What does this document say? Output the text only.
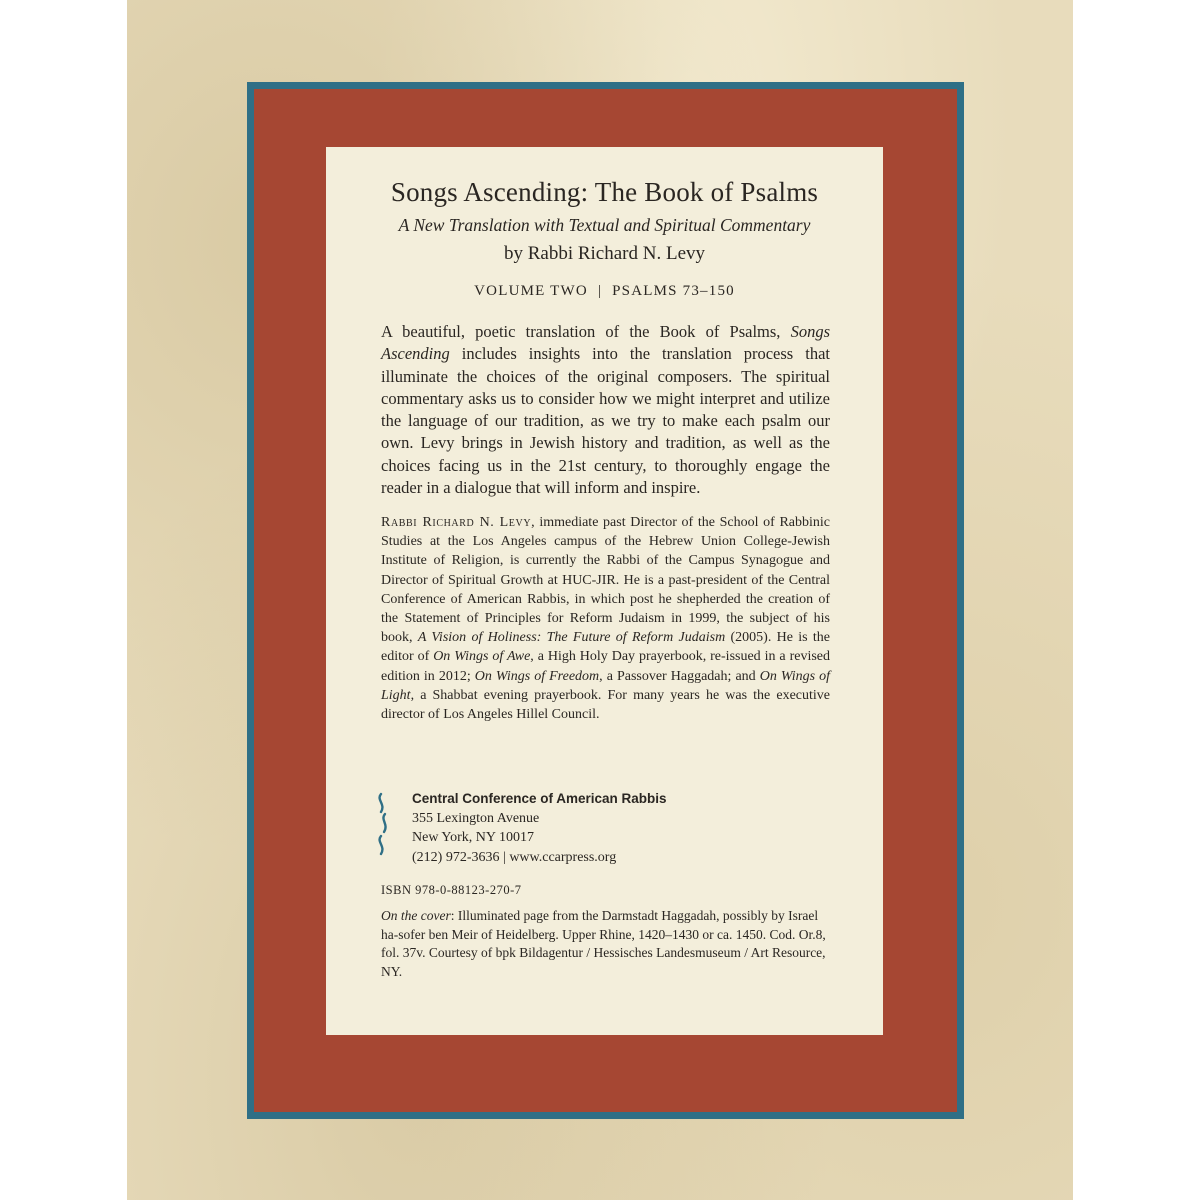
Songs Ascending: The Book of Psalms
A New Translation with Textual and Spiritual Commentary
by Rabbi Richard N. Levy
VOLUME TWO | PSALMS 73–150
A beautiful, poetic translation of the Book of Psalms, Songs Ascending includes insights into the translation process that illuminate the choices of the original composers. The spiritual commentary asks us to consider how we might interpret and utilize the language of our tradition, as we try to make each psalm our own. Levy brings in Jewish history and tradition, as well as the choices facing us in the 21st century, to thoroughly engage the reader in a dialogue that will inform and inspire.
Rabbi Richard N. Levy, immediate past Director of the School of Rabbinic Studies at the Los Angeles campus of the Hebrew Union College-Jewish Institute of Religion, is currently the Rabbi of the Campus Synagogue and Director of Spiritual Growth at HUC-JIR. He is a past-president of the Central Conference of American Rabbis, in which post he shepherded the creation of the Statement of Principles for Reform Judaism in 1999, the subject of his book, A Vision of Holiness: The Future of Reform Judaism (2005). He is the editor of On Wings of Awe, a High Holy Day prayerbook, re-issued in a revised edition in 2012; On Wings of Freedom, a Passover Haggadah; and On Wings of Light, a Shabbat evening prayerbook. For many years he was the executive director of Los Angeles Hillel Council.
Central Conference of American Rabbis
355 Lexington Avenue
New York, NY 10017
(212) 972-3636 | www.ccarpress.org
ISBN 978-0-88123-270-7
On the cover: Illuminated page from the Darmstadt Haggadah, possibly by Israel ha-sofer ben Meir of Heidelberg. Upper Rhine, 1420–1430 or ca. 1450. Cod. Or.8, fol. 37v. Courtesy of bpk Bildagentur / Hessisches Landesmuseum / Art Resource, NY.
